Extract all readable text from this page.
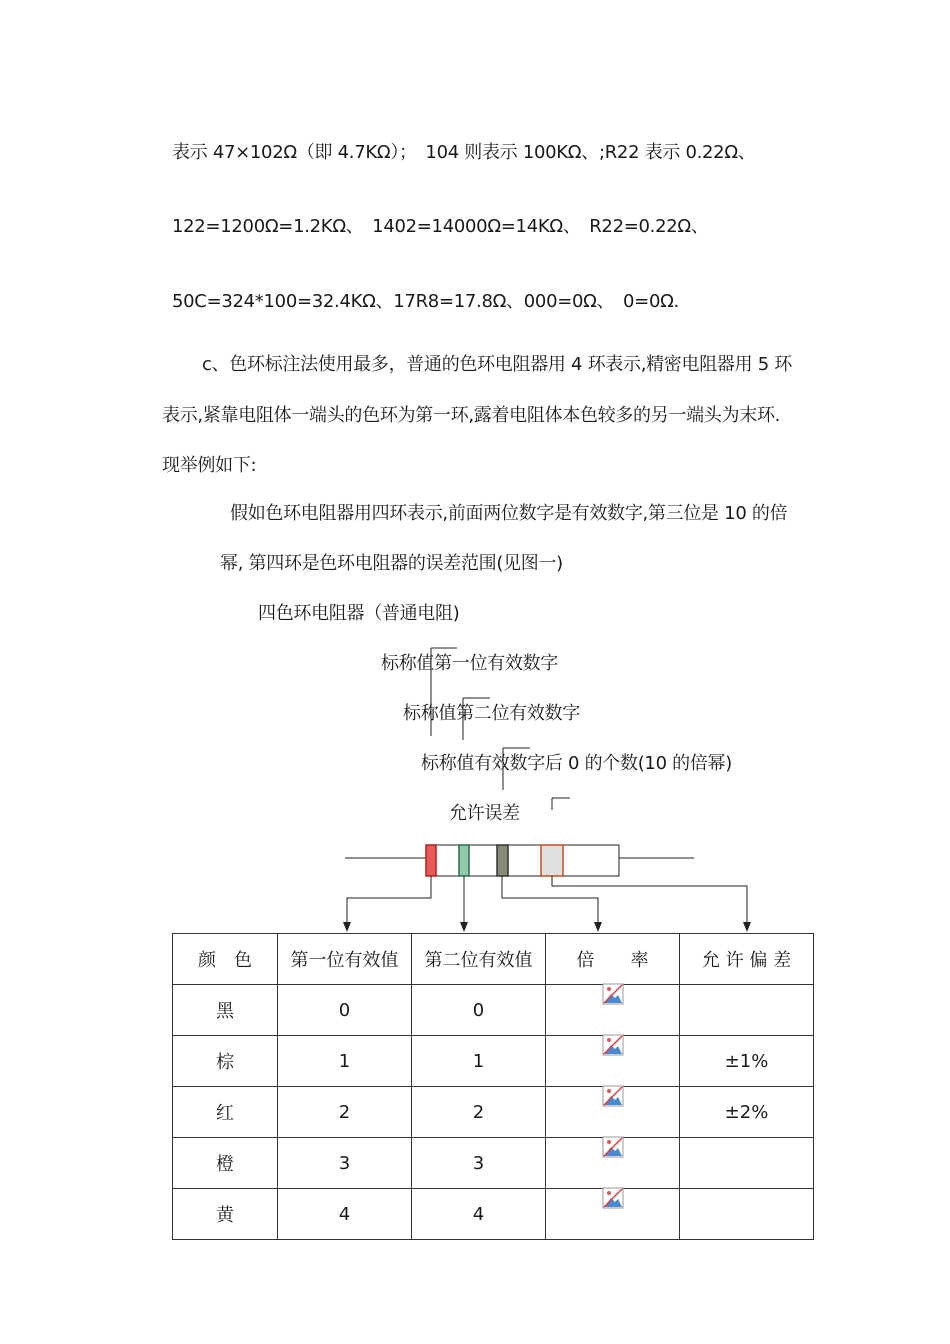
表示 47×102Ω（即 4.7KΩ）；　104 则表示 100KΩ、;R22 表示 0.22Ω、
122=1200Ω=1.2KΩ、　1402=14000Ω=14KΩ、　R22=0.22Ω、
50C=324*100=32.4KΩ、17R8=17.8Ω、000=0Ω、　0=0Ω.
c、色环标注法使用最多，普通的色环电阻器用 4 环表示,精密电阻器用 5 环
表示,紧靠电阻体一端头的色环为第一环,露着电阻体本色较多的另一端头为末环.
现举例如下:
假如色环电阻器用四环表示,前面两位数字是有效数字,第三位是 10 的倍
幂, 第四环是色环电阻器的误差范围(见图一)
四色环电阻器（普通电阻)
标称值第一位有效数字
标称值第二位有效数字
标称值有效数字后 0 的个数(10 的倍幂)
允许误差
颜　色	第一位有效值	第二位有效值	倍　　率	允 许 偏 差
黑	0	0		
棕	1	1		±1%
红	2	2		±2%
橙	3	3		
黄	4	4		
